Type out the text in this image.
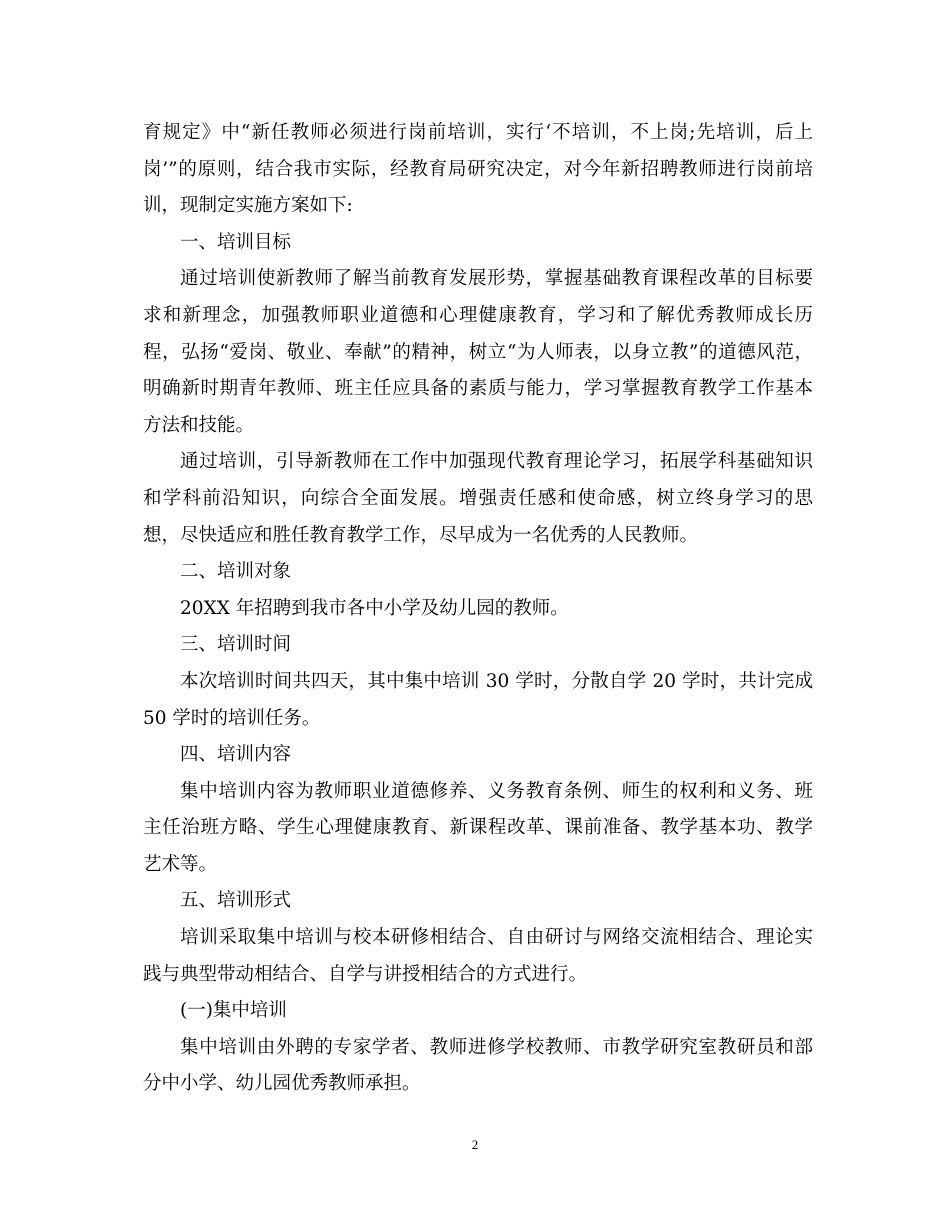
育规定》中“新任教师必须进行岗前培训，实行‘不培训，不上岗;先培训，后上
岗’”的原则，结合我市实际，经教育局研究决定，对今年新招聘教师进行岗前培
训，现制定实施方案如下:
一、培训目标
通过培训使新教师了解当前教育发展形势，掌握基础教育课程改革的目标要
求和新理念，加强教师职业道德和心理健康教育，学习和了解优秀教师成长历
程，弘扬“爱岗、敬业、奉献”的精神，树立“为人师表，以身立教”的道德风范，
明确新时期青年教师、班主任应具备的素质与能力，学习掌握教育教学工作基本
方法和技能。
通过培训，引导新教师在工作中加强现代教育理论学习，拓展学科基础知识
和学科前沿知识，向综合全面发展。增强责任感和使命感，树立终身学习的思
想，尽快适应和胜任教育教学工作，尽早成为一名优秀的人民教师。
二、培训对象
20XX 年招聘到我市各中小学及幼儿园的教师。
三、培训时间
本次培训时间共四天，其中集中培训 30 学时，分散自学 20 学时，共计完成
50 学时的培训任务。
四、培训内容
集中培训内容为教师职业道德修养、义务教育条例、师生的权利和义务、班
主任治班方略、学生心理健康教育、新课程改革、课前准备、教学基本功、教学
艺术等。
五、培训形式
培训采取集中培训与校本研修相结合、自由研讨与网络交流相结合、理论实
践与典型带动相结合、自学与讲授相结合的方式进行。
(一)集中培训
集中培训由外聘的专家学者、教师进修学校教师、市教学研究室教研员和部
分中小学、幼儿园优秀教师承担。
2
